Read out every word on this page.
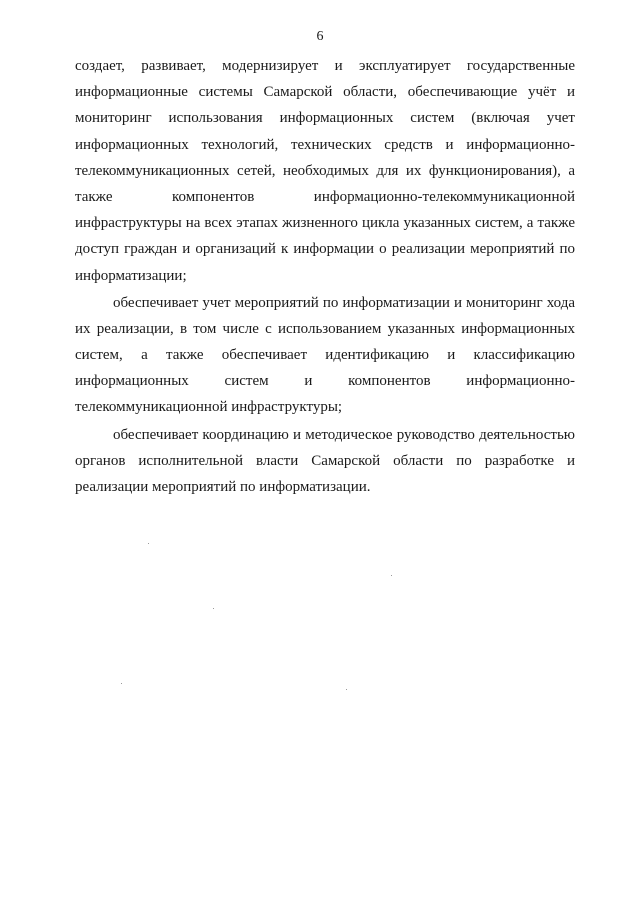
6
создает, развивает, модернизирует и эксплуатирует государственные
информационные системы Самарской области, обеспечивающие учёт и
мониторинг использования информационных систем (включая учет
информационных технологий, технических средств и информационно-
телекоммуникационных сетей, необходимых для их функционирования), а
также компонентов информационно-телекоммуникационной
инфраструктуры на всех этапах жизненного цикла указанных систем, а также
доступ граждан и организаций к информации о реализации мероприятий по
информатизации;
обеспечивает учет мероприятий по информатизации и мониторинг хода
их реализации, в том числе с использованием указанных информационных
систем, а также обеспечивает идентификацию и классификацию
информационных систем и компонентов информационно-
телекоммуникационной инфраструктуры;
обеспечивает координацию и методическое руководство деятельностью
органов исполнительной власти Самарской области по разработке и
реализации мероприятий по информатизации.
